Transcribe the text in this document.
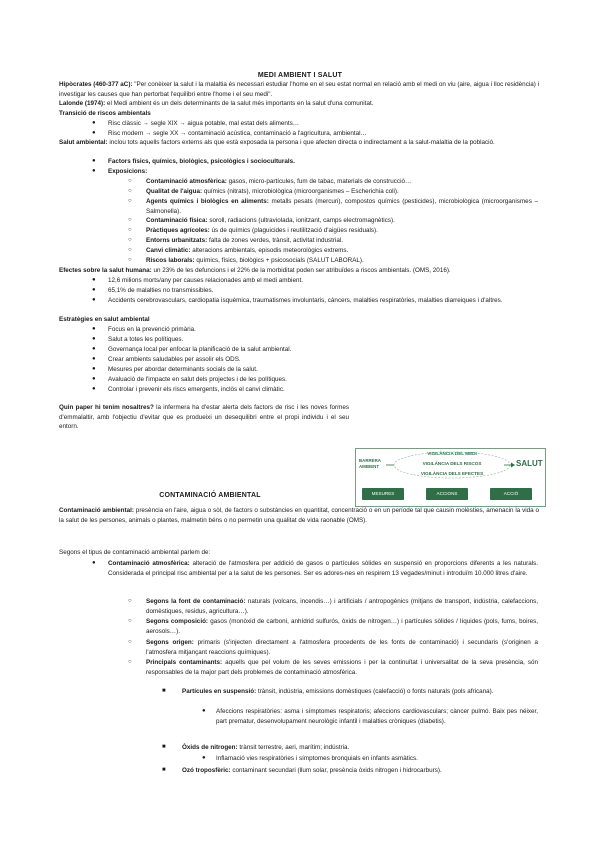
MEDI AMBIENT I SALUT
Hipòcrates (460-377 aC): "Per conèixer la salut i la malaltia és necessari estudiar l'home en el seu estat normal en relació amb el medi on viu (aire, aigua i lloc residència) i investigar les causes que han pertorbat l'equilibri entre l'home i el seu medi".
Lalonde (1974): el Medi ambient és un dels determinants de la salut més importants en la salut d'una comunitat.
Transició de riscos ambientals
● Risc clàssic → segle XIX → aigua potable, mal estat dels aliments…
● Risc modern → segle XX → contaminació acústica, contaminació a l'agricultura, ambiental…
Salut ambiental: inclou tots aquells factors externs als que està exposada la persona i que afecten directa o indirectament a la salut-malaltia de la població.
● Factors físics, químics, biològics, psicològics i socioculturals.
● Exposicions:
○ Contaminació atmosfèrica: gasos, micro-partícules, fum de tabac, materials de construcció…
○ Qualitat de l'aigua: químics (nitrats), microbiològica (microorganismes – Escherichia coli).
○ Agents químics i biològics en aliments: metalls pesats (mercuri), compostos químics (pesticides), microbiològica (microorganismes – Salmonella).
○ Contaminació física: soroll, radiacions (ultraviolada, ionitzant, camps electromagnètics).
○ Pràctiques agrícoles: ús de químics (plaguicides i reutilització d'aigües residuals).
○ Entorns urbanitzats: falta de zones verdes, trànsit, activitat industrial.
○ Canvi climàtic: alteracions ambientals, episodis meteorològics extrems.
○ Riscos laborals: químics, físics, biològics + psicosocials (SALUT LABORAL).
Efectes sobre la salut humana: un 23% de les defuncions i el 22% de la morbiditat poden ser atribuïdes a riscos ambientals. (OMS, 2016).
● 12,6 milions morts/any per causes relacionades amb el medi ambient.
● 65,1% de malalties no transmissibles.
● Accidents cerebrovasculars, cardiopatia isquèmica, traumatismes involuntaris, càncers, malalties respiratòries, malalties diarreiques i d'altres.
Estratègies en salut ambiental
● Focus en la prevenció primària.
● Salut a totes les polítiques.
● Governança local per enfocar la planificació de la salut ambiental.
● Crear ambients saludables per assolir els ODS.
● Mesures per abordar determinants socials de la salut.
● Avaluació de l'impacte en salut dels projectes i de les polítiques.
● Controlar i prevenir els riscs emergents, inclòs el canvi climàtic.
Quin paper hi tenim nosaltres? la infermera ha d'estar alerta dels factors de risc i les noves formes d'emmalaltir, amb l'objectiu d'evitar que es produeixi un desequilibri entre el propi individu i el seu entorn.
BARRERA AMBIENT
VIGILÀNCIA DEL MEDI
VIGILÀNCIA DELS RISCOS
VIGILÀNCIA DELS EFECTES
SALUT
MESURES	ACCIONS	ACCIÓ
CONTAMINACIÓ AMBIENTAL
Contaminació ambiental: presència en l'aire, aigua o sòl, de factors o substàncies en quantitat, concentració o en un període tal que causin molèsties, amenacin la vida o la salut de les persones, animals o plantes, malmetin béns o no permetin una qualitat de vida raonable (OMS).
Segons el tipus de contaminació ambiental parlem de:
● Contaminació atmosfèrica: alteració de l'atmosfera per addició de gasos o partícules sòlides en suspensió en proporcions diferents a les naturals. Considerada el principal risc ambiental per a la salut de les persones. Ser es adores-nes en respirem 13 vegades/minut i introduïm 10.000 litres d'aire.
○ Segons la font de contaminació: naturals (volcans, incendis…) i artificials / antropogènics (mitjans de transport, indústria, calefaccions, domèstiques, residus, agricultura…).
○ Segons composició: gasos (monòxid de carboni, anhídrid sulfurós, òxids de nitrogen…) i partícules sòlides / líquides (pols, fums, boires, aerosols…).
○ Segons origen: primaris (s'injecten directament a l'atmosfera procedents de les fonts de contaminació) i secundaris (s'originen a l'atmosfera mitjançant reaccions químiques).
○ Principals contaminants: aquells que pel volum de les seves emissions i per la continuïtat i universalitat de la seva presència, són responsables de la major part dels problemes de contaminació atmosfèrica.
■	Partícules en suspensió: trànsit, indústria, emissions domèstiques (calefacció) o fonts naturals (pols africana).
● Afeccions respiratòries: asma i símptomes respiratoris; afeccions cardiovasculars; càncer pulmó. Baix pes néixer, part prematur, desenvolupament neurològic infantil i malalties cròniques (diabetis).
■	Òxids de nitrogen: trànsit terrestre, aeri, marítim; indústria.
● Inflamació vies respiratòries i símptomes bronquials en infants asmàtics.
■	Ozó troposfèric: contaminant secundari (llum solar, presència òxids nitrogen i hidrocarburs).
